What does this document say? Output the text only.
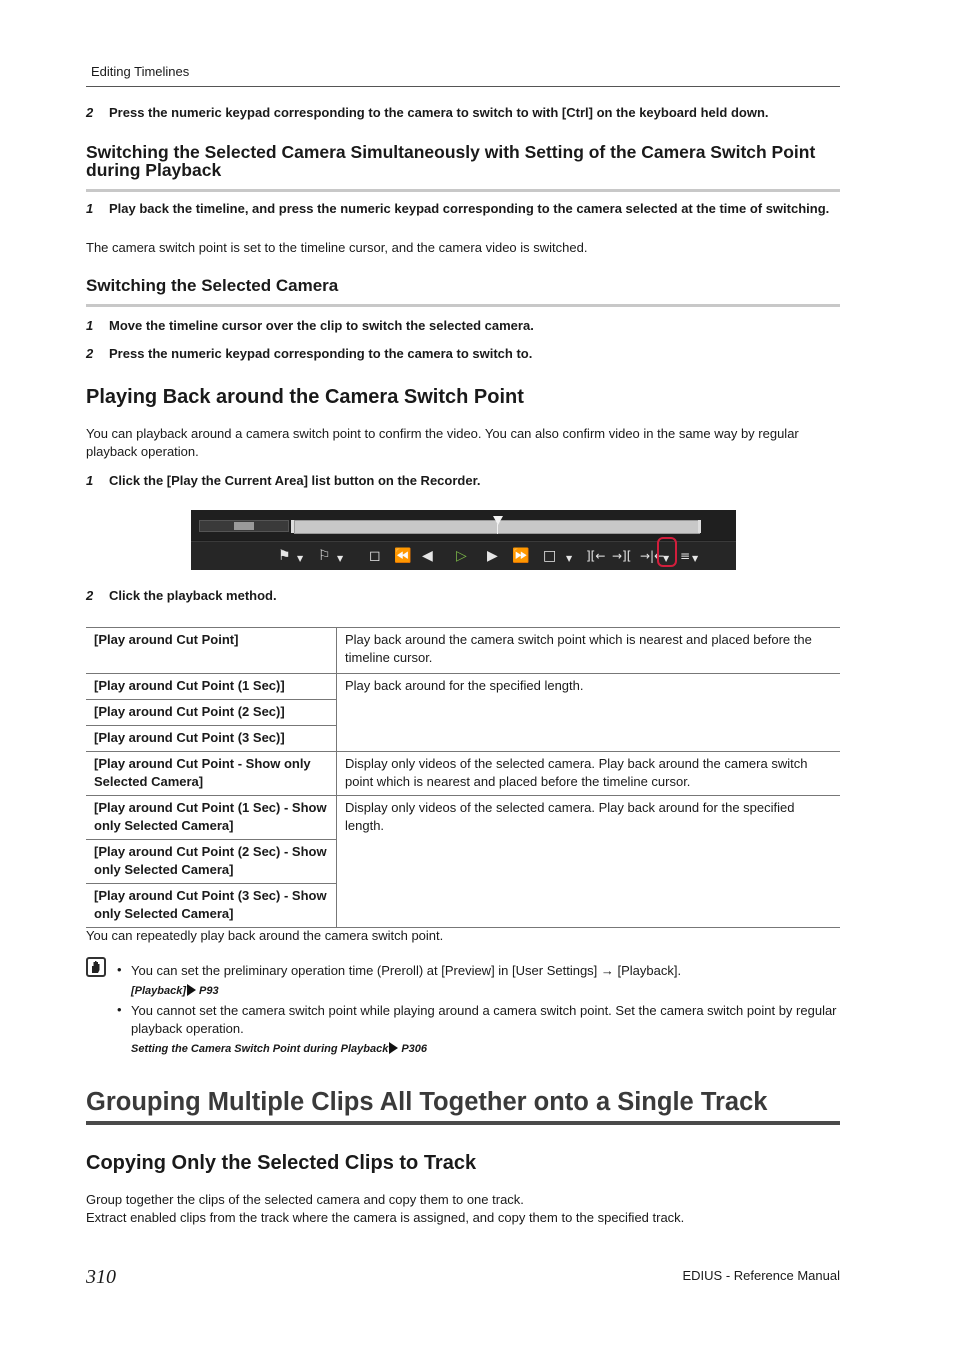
Editing Timelines
2 Press the numeric keypad corresponding to the camera to switch to with [Ctrl] on the keyboard held down.
Switching the Selected Camera Simultaneously with Setting of the Camera Switch Point during Playback
1 Play back the timeline, and press the numeric keypad corresponding to the camera selected at the time of switching.
The camera switch point is set to the timeline cursor, and the camera video is switched.
Switching the Selected Camera
1 Move the timeline cursor over the clip to switch the selected camera.
2 Press the numeric keypad corresponding to the camera to switch to.
Playing Back around the Camera Switch Point
You can playback around a camera switch point to confirm the video. You can also confirm video in the same way by regular playback operation.
1 Click the [Play the Current Area] list button on the Recorder.
⚑ ▼ ⚐ ▼ ◻ ⏪ ◀ ▷ ▶ ⏩ □ ▼ ][← →][ →|←
▼ ≡ ▼
2 Click the playback method.
[Play around Cut Point]	Play back around the camera switch point which is nearest and placed before the timeline cursor.
[Play around Cut Point (1 Sec)]	Play back around for the specified length.
[Play around Cut Point (2 Sec)]	
[Play around Cut Point (3 Sec)]	
[Play around Cut Point - Show only Selected Camera]	Display only videos of the selected camera. Play back around the camera switch point which is nearest and placed before the timeline cursor.
[Play around Cut Point (1 Sec) - Show only Selected Camera]	Display only videos of the selected camera. Play back around for the specified length.
[Play around Cut Point (2 Sec) - Show only Selected Camera]	
[Play around Cut Point (3 Sec) - Show only Selected Camera]	
You can repeatedly play back around the camera switch point.
• You can set the preliminary operation time (Preroll) at [Preview] in [User Settings] → [Playback].
[Playback] P93
• You cannot set the camera switch point while playing around a camera switch point. Set the camera switch point by regular playback operation.
Setting the Camera Switch Point during Playback P306
Grouping Multiple Clips All Together onto a Single Track
Copying Only the Selected Clips to Track
Group together the clips of the selected camera and copy them to one track.
Extract enabled clips from the track where the camera is assigned, and copy them to the specified track.
310	EDIUS - Reference Manual
